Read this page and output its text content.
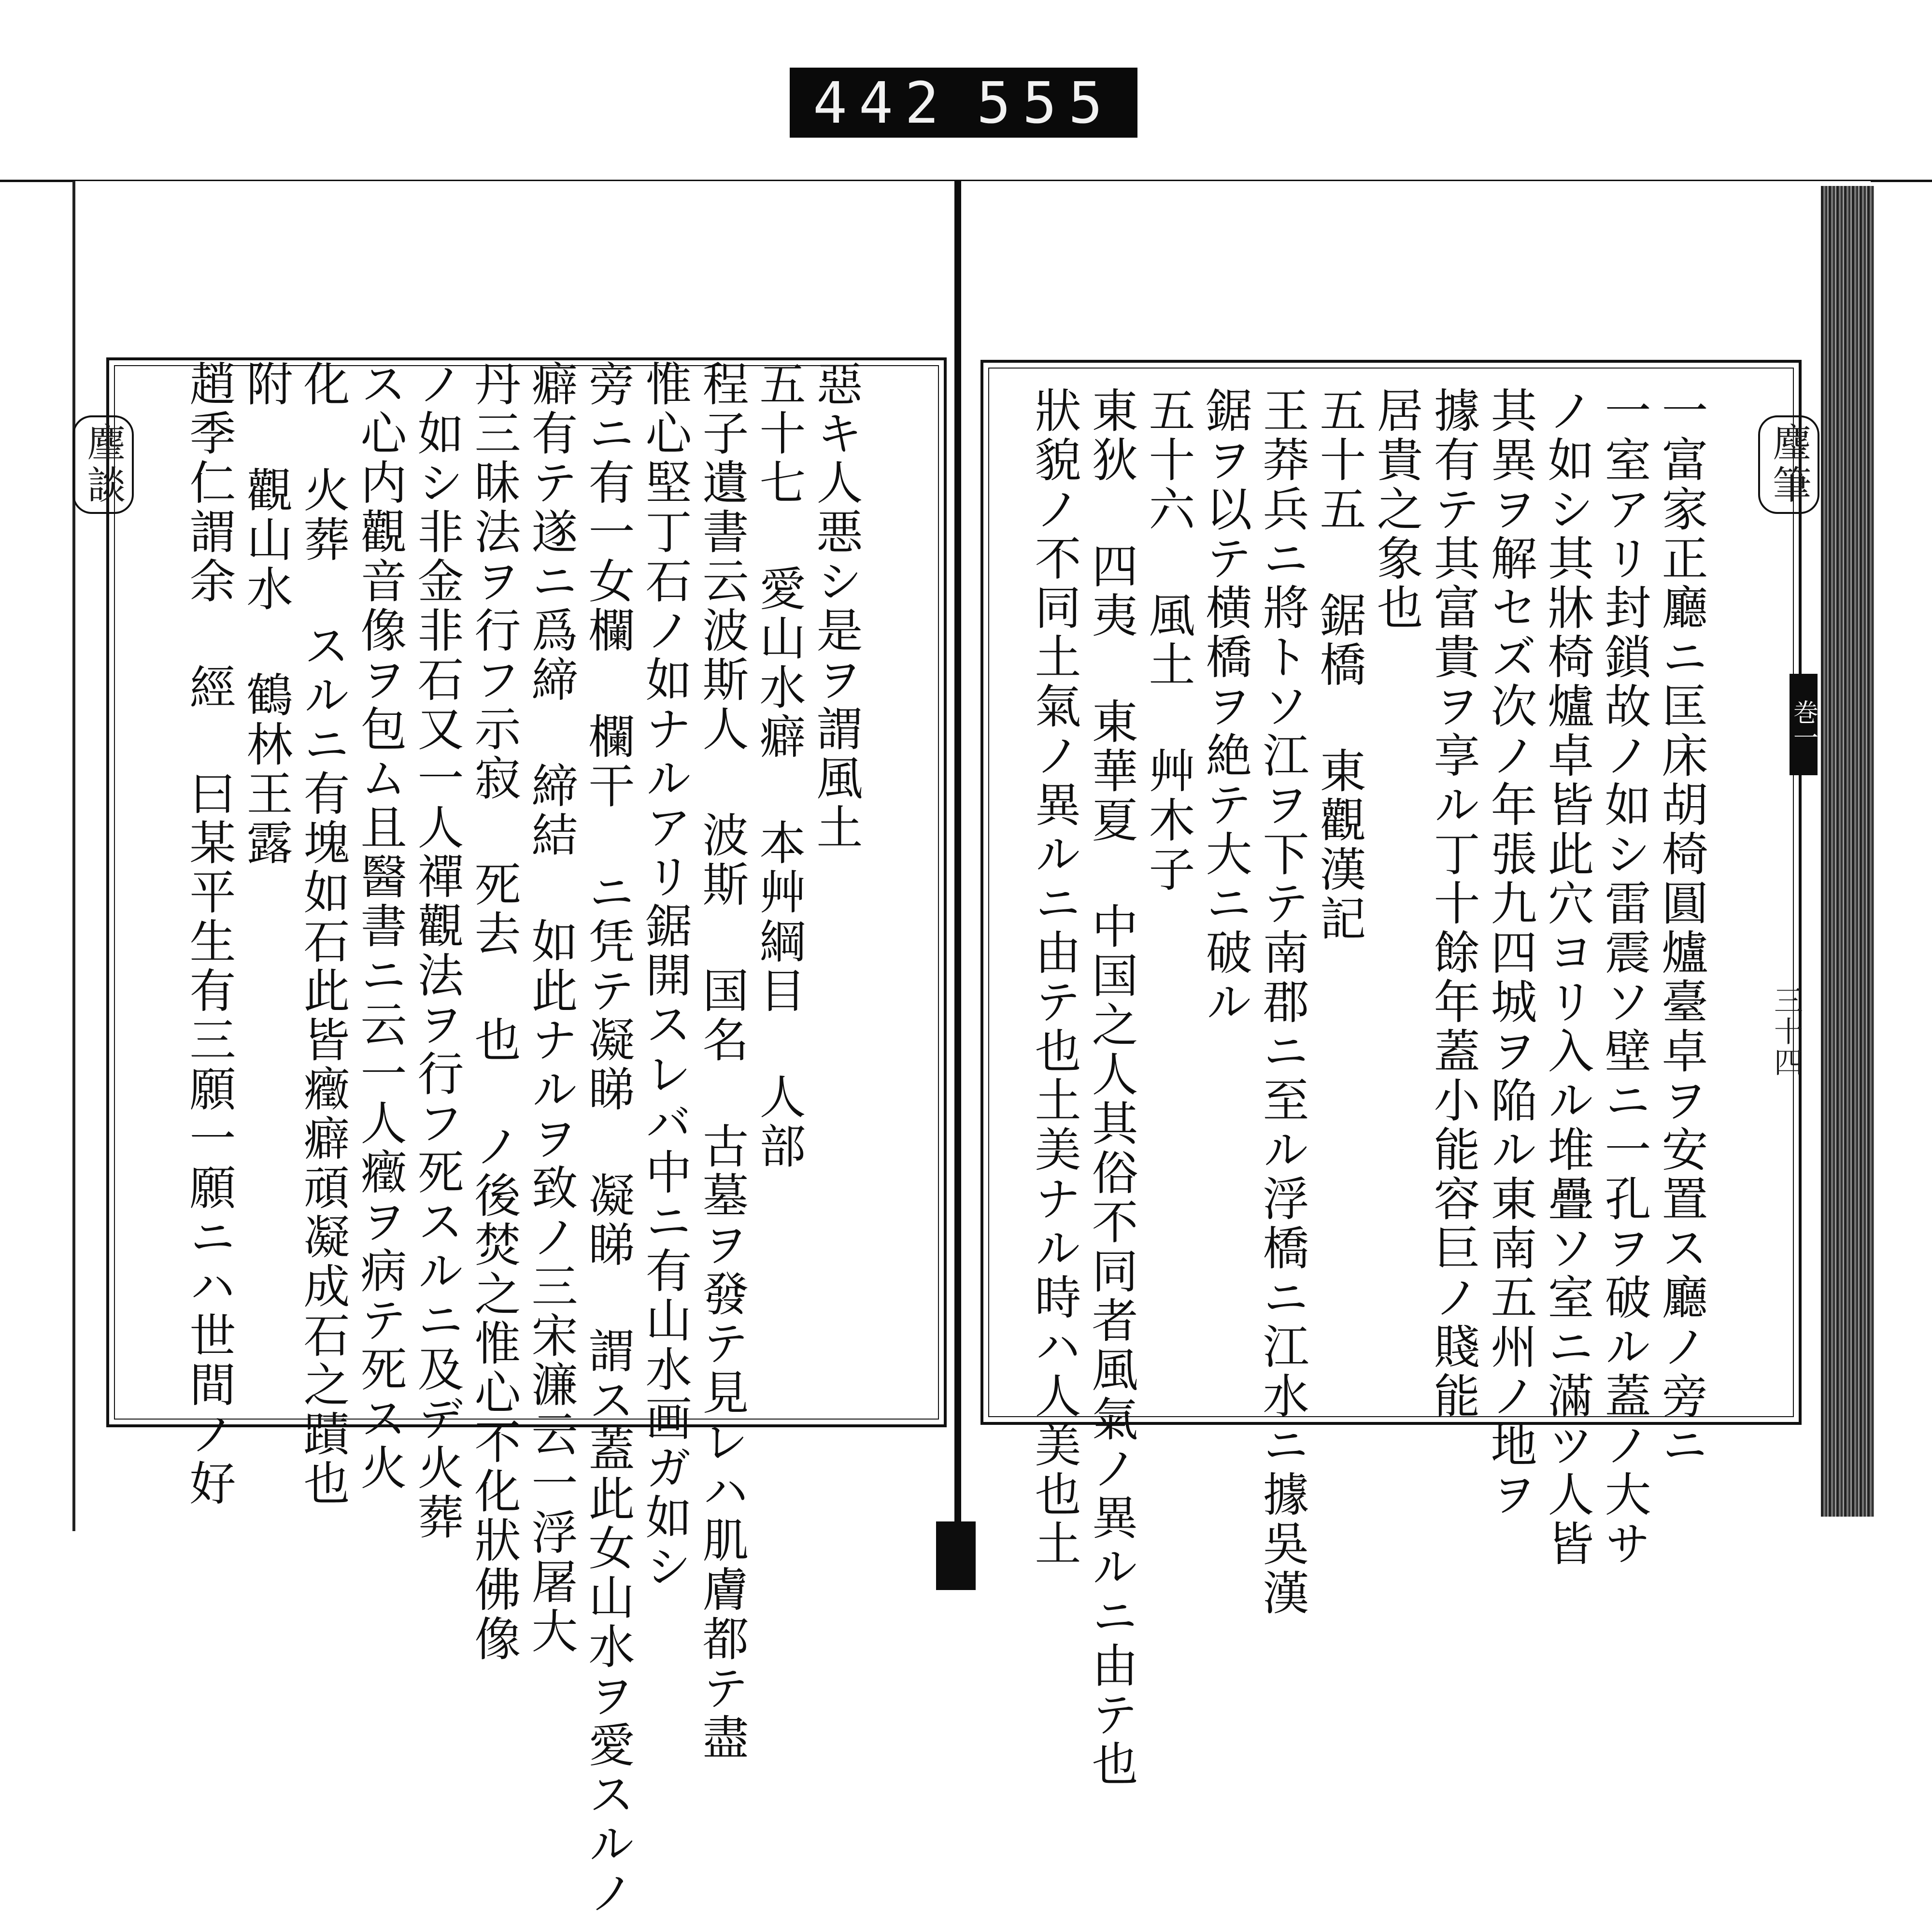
442 555
麈筆
巻一
三十四
麈談	一富家正廳ニ匡床胡椅圓爐臺卓ヲ安置ス廳ノ旁ニ
一室アリ封鎖故ノ如シ雷震ソ壁ニ一孔ヲ破ル蓋ノ大サ
ノ如シ其牀椅爐卓皆此穴ヨリ入ル堆疊ソ室ニ滿ツ人皆
其異ヲ解セズ次ノ年張九四城ヲ陥ル東南五州ノ地ヲ
據有テ其富貴ヲ享ル丁十餘年蓋小能容巨ノ賤能
居貴之象也
五十五 鋸橋 東觀漢記
王莽兵ニ將トソ江ヲ下テ南郡ニ至ル浮橋ニ江水ニ據吳漢
鋸ヲ以テ横橋ヲ絶テ大ニ破ル
五十六 風土 艸木子
東狄 四夷 東華夏 中国之人其俗不同者風氣ノ異ルニ由テ也
狀貌ノ不同土氣ノ異ルニ由テ也土美ナル時ハ人美也土
惡キ人悪シ是ヲ謂風土
五十七 愛山水癖 本艸綱目 人部
程子遺書云波斯人 波斯 国名 古墓ヲ發テ見レハ肌膚都テ盡
惟心堅丁石ノ如ナルアリ鋸開スレバ中ニ有山水画ガ如シ
旁ニ有一女欄 欄干 ニ凭テ凝睇 凝睇 謂ス蓋此女山水ヲ愛スルノ
癖有テ遂ニ爲締 締結 如此ナルヲ致ノ三宋濂云一浮屠大
丹三昧法ヲ行フ示寂 死去 也 ノ後焚之惟心不化狀佛像
ノ如シ非金非石又一人禪觀法ヲ行フ死スルニ及デ火葬
ス心内觀音像ヲ包ム且醫書ニ云一人癥ヲ病テ死ス火
化 火葬 スルニ有塊如石此皆癥癖頑凝成石之蹟也
附 觀山水 鶴林王露
趙季仁謂余 經 曰某平生有三願一願ニハ世間ノ好
